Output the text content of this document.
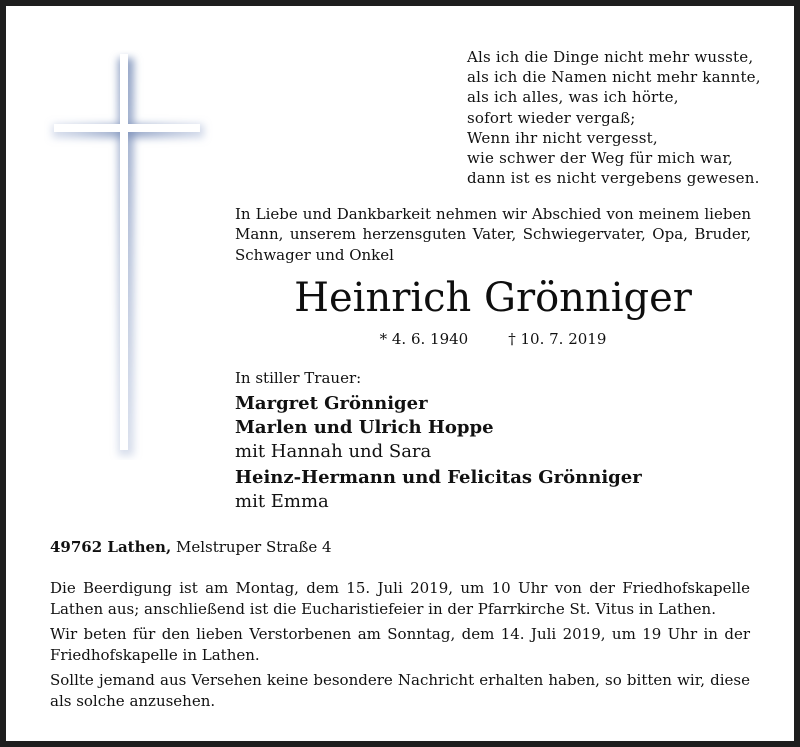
Als ich die Dinge nicht mehr wusste,
als ich die Namen nicht mehr kannte,
als ich alles, was ich hörte,
sofort wieder vergaß;
Wenn ihr nicht vergesst,
wie schwer der Weg für mich war,
dann ist es nicht vergebens gewesen.
In Liebe und Dankbarkeit nehmen wir Abschied von meinem lieben Mann, unserem herzensguten Vater, Schwiegervater, Opa, Bruder, Schwager und Onkel
Heinrich Grönniger
* 4. 6. 1940	† 10. 7. 2019
In stiller Trauer:
Margret Grönniger
Marlen und Ulrich Hoppe
mit Hannah und Sara
Heinz-Hermann und Felicitas Grönniger
mit Emma
49762 Lathen, Melstruper Straße 4

Die Beerdigung ist am Montag, dem 15. Juli 2019, um 10 Uhr von der Friedhofskapelle Lathen aus; anschließend ist die Eucharistiefeier in der Pfarrkirche St. Vitus in Lathen.

Wir beten für den lieben Verstorbenen am Sonntag, dem 14. Juli 2019, um 19 Uhr in der Friedhofskapelle in Lathen.

Sollte jemand aus Versehen keine besondere Nachricht erhalten haben, so bitten wir, diese als solche anzusehen.
